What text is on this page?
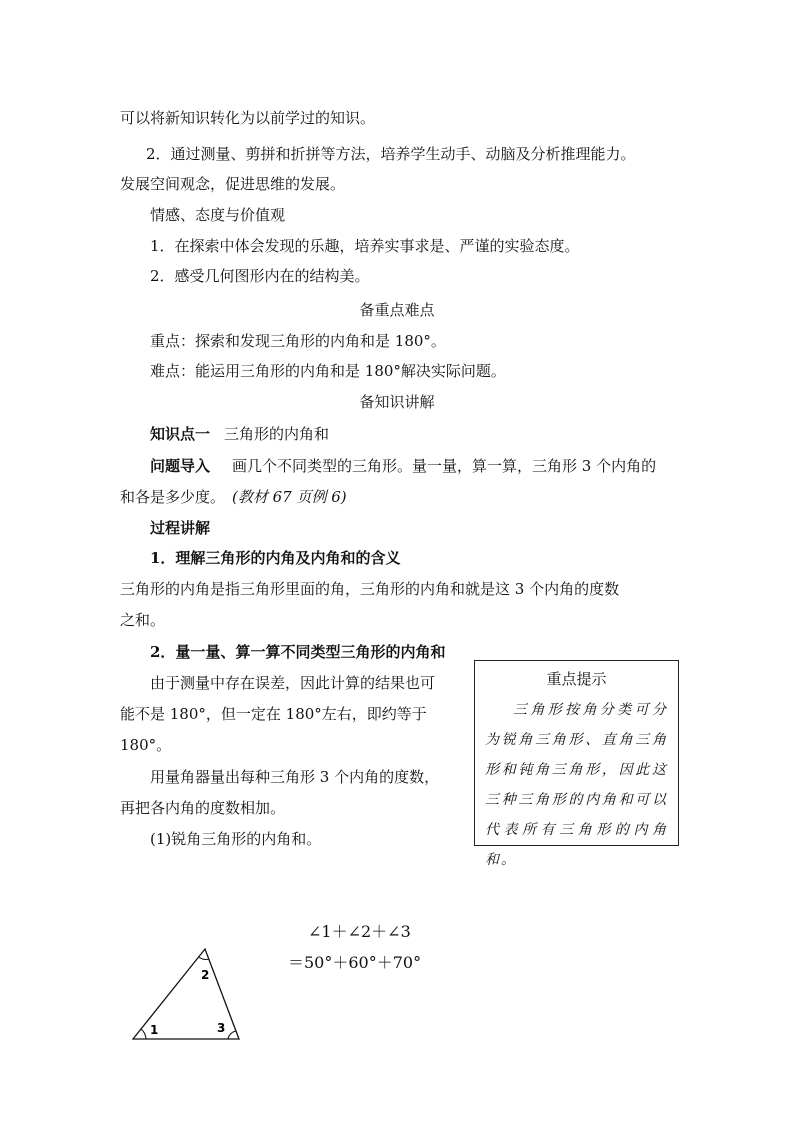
可以将新知识转化为以前学过的知识。
2．通过测量、剪拼和折拼等方法，培养学生动手、动脑及分析推理能力。
发展空间观念，促进思维的发展。
情感、态度与价值观
1．在探索中体会发现的乐趣，培养实事求是、严谨的实验态度。
2．感受几何图形内在的结构美。
备重点难点
重点：探索和发现三角形的内角和是 180°。
难点：能运用三角形的内角和是 180°解决实际问题。
备知识讲解
知识点一 三角形的内角和
问题导入 画几个不同类型的三角形。量一量，算一算，三角形 3 个内角的
和各是多少度。 (教材 67 页例 6)
过程讲解
1．理解三角形的内角及内角和的含义
三角形的内角是指三角形里面的角，三角形的内角和就是这 3 个内角的度数
之和。
2．量一量、算一算不同类型三角形的内角和
由于测量中存在误差，因此计算的结果也可
能不是 180°，但一定在 180°左右，即约等于
180°。
用量角器量出每种三角形 3 个内角的度数，
再把各内角的度数相加。
(1)锐角三角形的内角和。
重点提示
三角形按角分类可分为锐角三角形、直角三角形和钝角三角形，因此这三种三角形的内角和可以代表所有三角形的内角和。
1
2
3
∠1＋∠2＋∠3
＝50°＋60°＋70°
